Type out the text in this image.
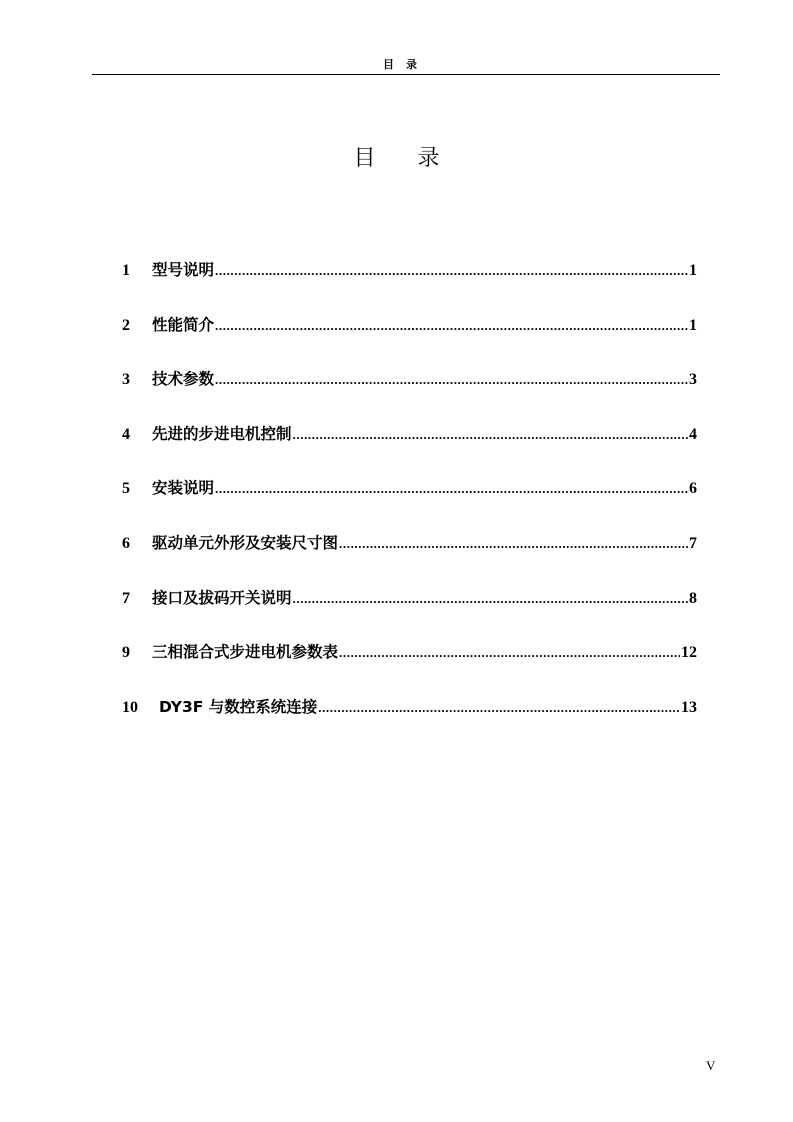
目录
目录
1	型号说明 .....	1
2	性能简介 .....	1
3	技术参数 .....	3
4	先进的步进电机控制 .....	4
5	安装说明 .....	6
6	驱动单元外形及安装尺寸图 .....	7
7	接口及拔码开关说明 .....	8
9	三相混合式步进电机参数表 .....	12
10	DY3F 与数控系统连接 .....	13
V
